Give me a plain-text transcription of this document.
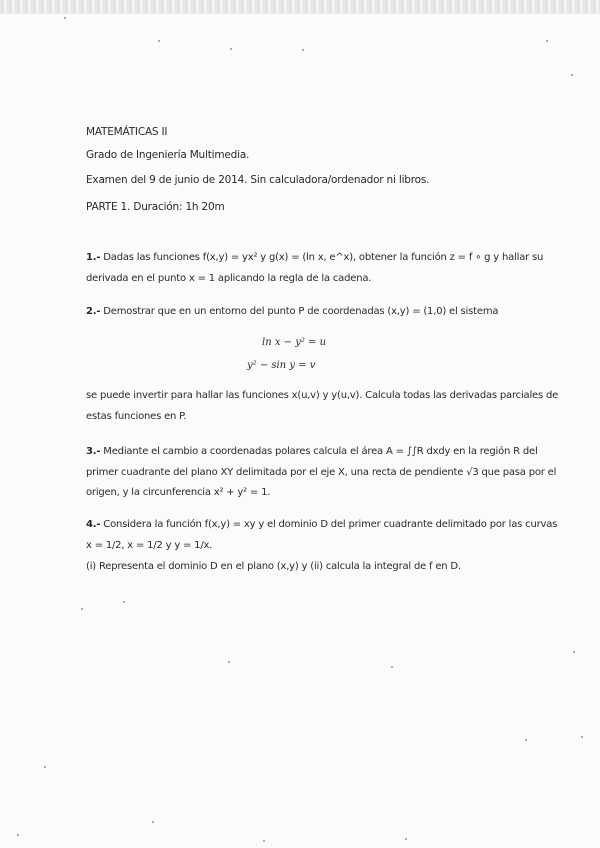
MATEMÁTICAS II
Grado de Ingeniería Multimedia.
Examen del 9 de junio de 2014. Sin calculadora/ordenador ni libros.
PARTE 1. Duración: 1h 20m
1.- Dadas las funciones f(x,y) = yx² y g(x) = (ln x, e^x), obtener la función z = f ∘ g y hallar su
derivada en el punto x = 1 aplicando la regla de la cadena.
2.- Demostrar que en un entorno del punto P de coordenadas (x,y) = (1,0) el sistema
ln x − y² = u
y² − sin y = v
se puede invertir para hallar las funciones x(u,v) y y(u,v). Calcula todas las derivadas parciales de
estas funciones en P.
3.- Mediante el cambio a coordenadas polares calcula el área A = ∫∫R dxdy en la región R del
primer cuadrante del plano XY delimitada por el eje X, una recta de pendiente √3 que pasa por el
origen, y la circunferencia x² + y² = 1.
4.- Considera la función f(x,y) = xy y el dominio D del primer cuadrante delimitado por las curvas
x = 1/2, x = 1/2 y y = 1/x.
(i) Representa el dominio D en el plano (x,y) y (ii) calcula la integral de f en D.
